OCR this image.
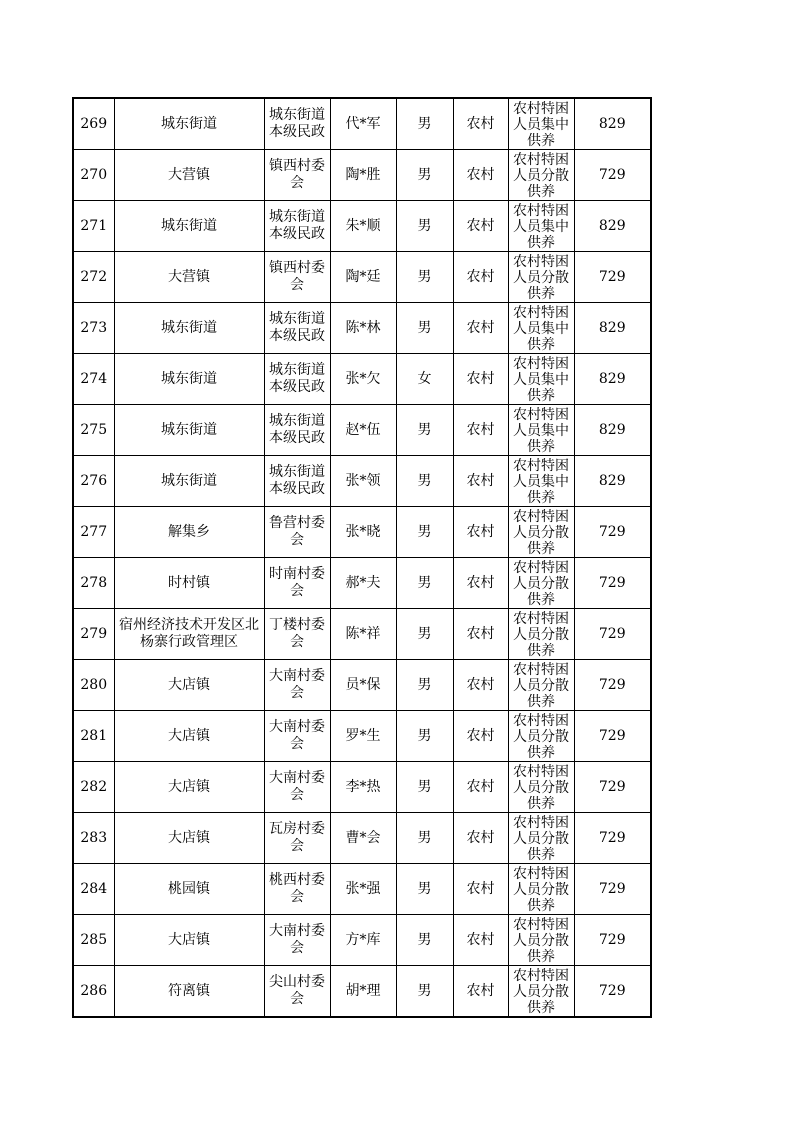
269	城东街道	城东街道本级民政	代*军	男	农村	农村特困人员集中供养	829
270	大营镇	镇西村委会	陶*胜	男	农村	农村特困人员分散供养	729
271	城东街道	城东街道本级民政	朱*顺	男	农村	农村特困人员集中供养	829
272	大营镇	镇西村委会	陶*廷	男	农村	农村特困人员分散供养	729
273	城东街道	城东街道本级民政	陈*林	男	农村	农村特困人员集中供养	829
274	城东街道	城东街道本级民政	张*欠	女	农村	农村特困人员集中供养	829
275	城东街道	城东街道本级民政	赵*伍	男	农村	农村特困人员集中供养	829
276	城东街道	城东街道本级民政	张*领	男	农村	农村特困人员集中供养	829
277	解集乡	鲁营村委会	张*晓	男	农村	农村特困人员分散供养	729
278	时村镇	时南村委会	郝*夫	男	农村	农村特困人员分散供养	729
279	宿州经济技术开发区北杨寨行政管理区	丁楼村委会	陈*祥	男	农村	农村特困人员分散供养	729
280	大店镇	大南村委会	员*保	男	农村	农村特困人员分散供养	729
281	大店镇	大南村委会	罗*生	男	农村	农村特困人员分散供养	729
282	大店镇	大南村委会	李*热	男	农村	农村特困人员分散供养	729
283	大店镇	瓦房村委会	曹*会	男	农村	农村特困人员分散供养	729
284	桃园镇	桃西村委会	张*强	男	农村	农村特困人员分散供养	729
285	大店镇	大南村委会	方*库	男	农村	农村特困人员分散供养	729
286	符离镇	尖山村委会	胡*理	男	农村	农村特困人员分散供养	729
